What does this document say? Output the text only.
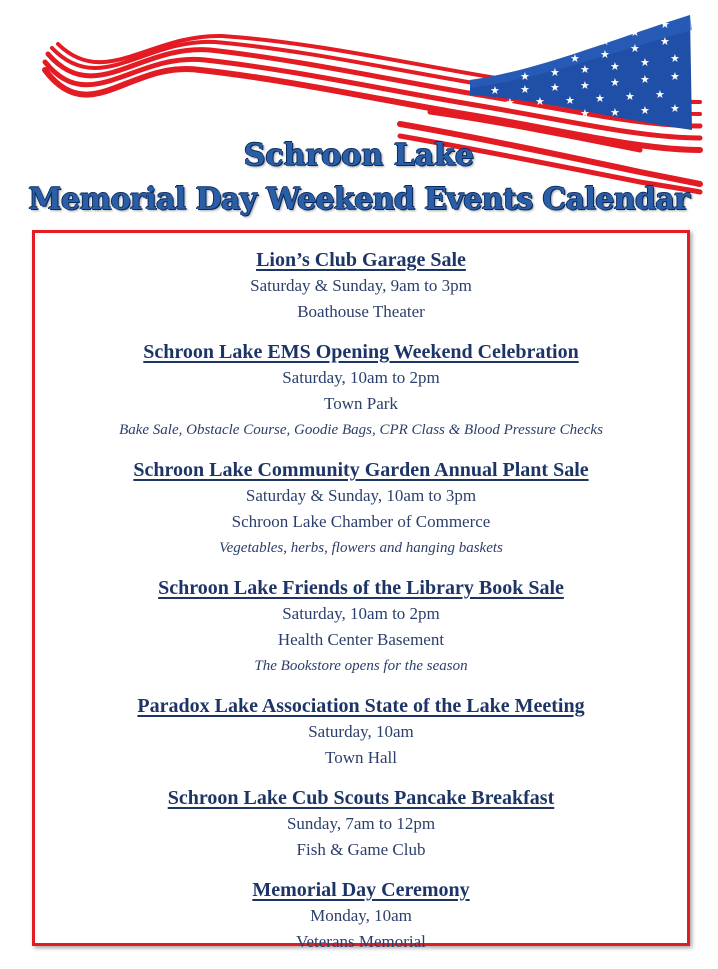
★
★
★
★ ★ ★
★
★ ★ ★ ★ ★ ★
★ ★ ★ ★ ★ ★ ★
★ ★ ★ ★ ★ ★
★ ★ ★ ★
Schroon Lake
Memorial Day Weekend Events Calendar
Lion’s Club Garage Sale
Saturday & Sunday, 9am to 3pm
Boathouse Theater
Schroon Lake EMS Opening Weekend Celebration
Saturday, 10am to 2pm
Town Park
Bake Sale, Obstacle Course, Goodie Bags, CPR Class & Blood Pressure Checks
Schroon Lake Community Garden Annual Plant Sale
Saturday & Sunday, 10am to 3pm
Schroon Lake Chamber of Commerce
Vegetables, herbs, flowers and hanging baskets
Schroon Lake Friends of the Library Book Sale
Saturday, 10am to 2pm
Health Center Basement
The Bookstore opens for the season
Paradox Lake Association State of the Lake Meeting
Saturday, 10am
Town Hall
Schroon Lake Cub Scouts Pancake Breakfast
Sunday, 7am to 12pm
Fish & Game Club
Memorial Day Ceremony
Monday, 10am
Veterans Memorial
